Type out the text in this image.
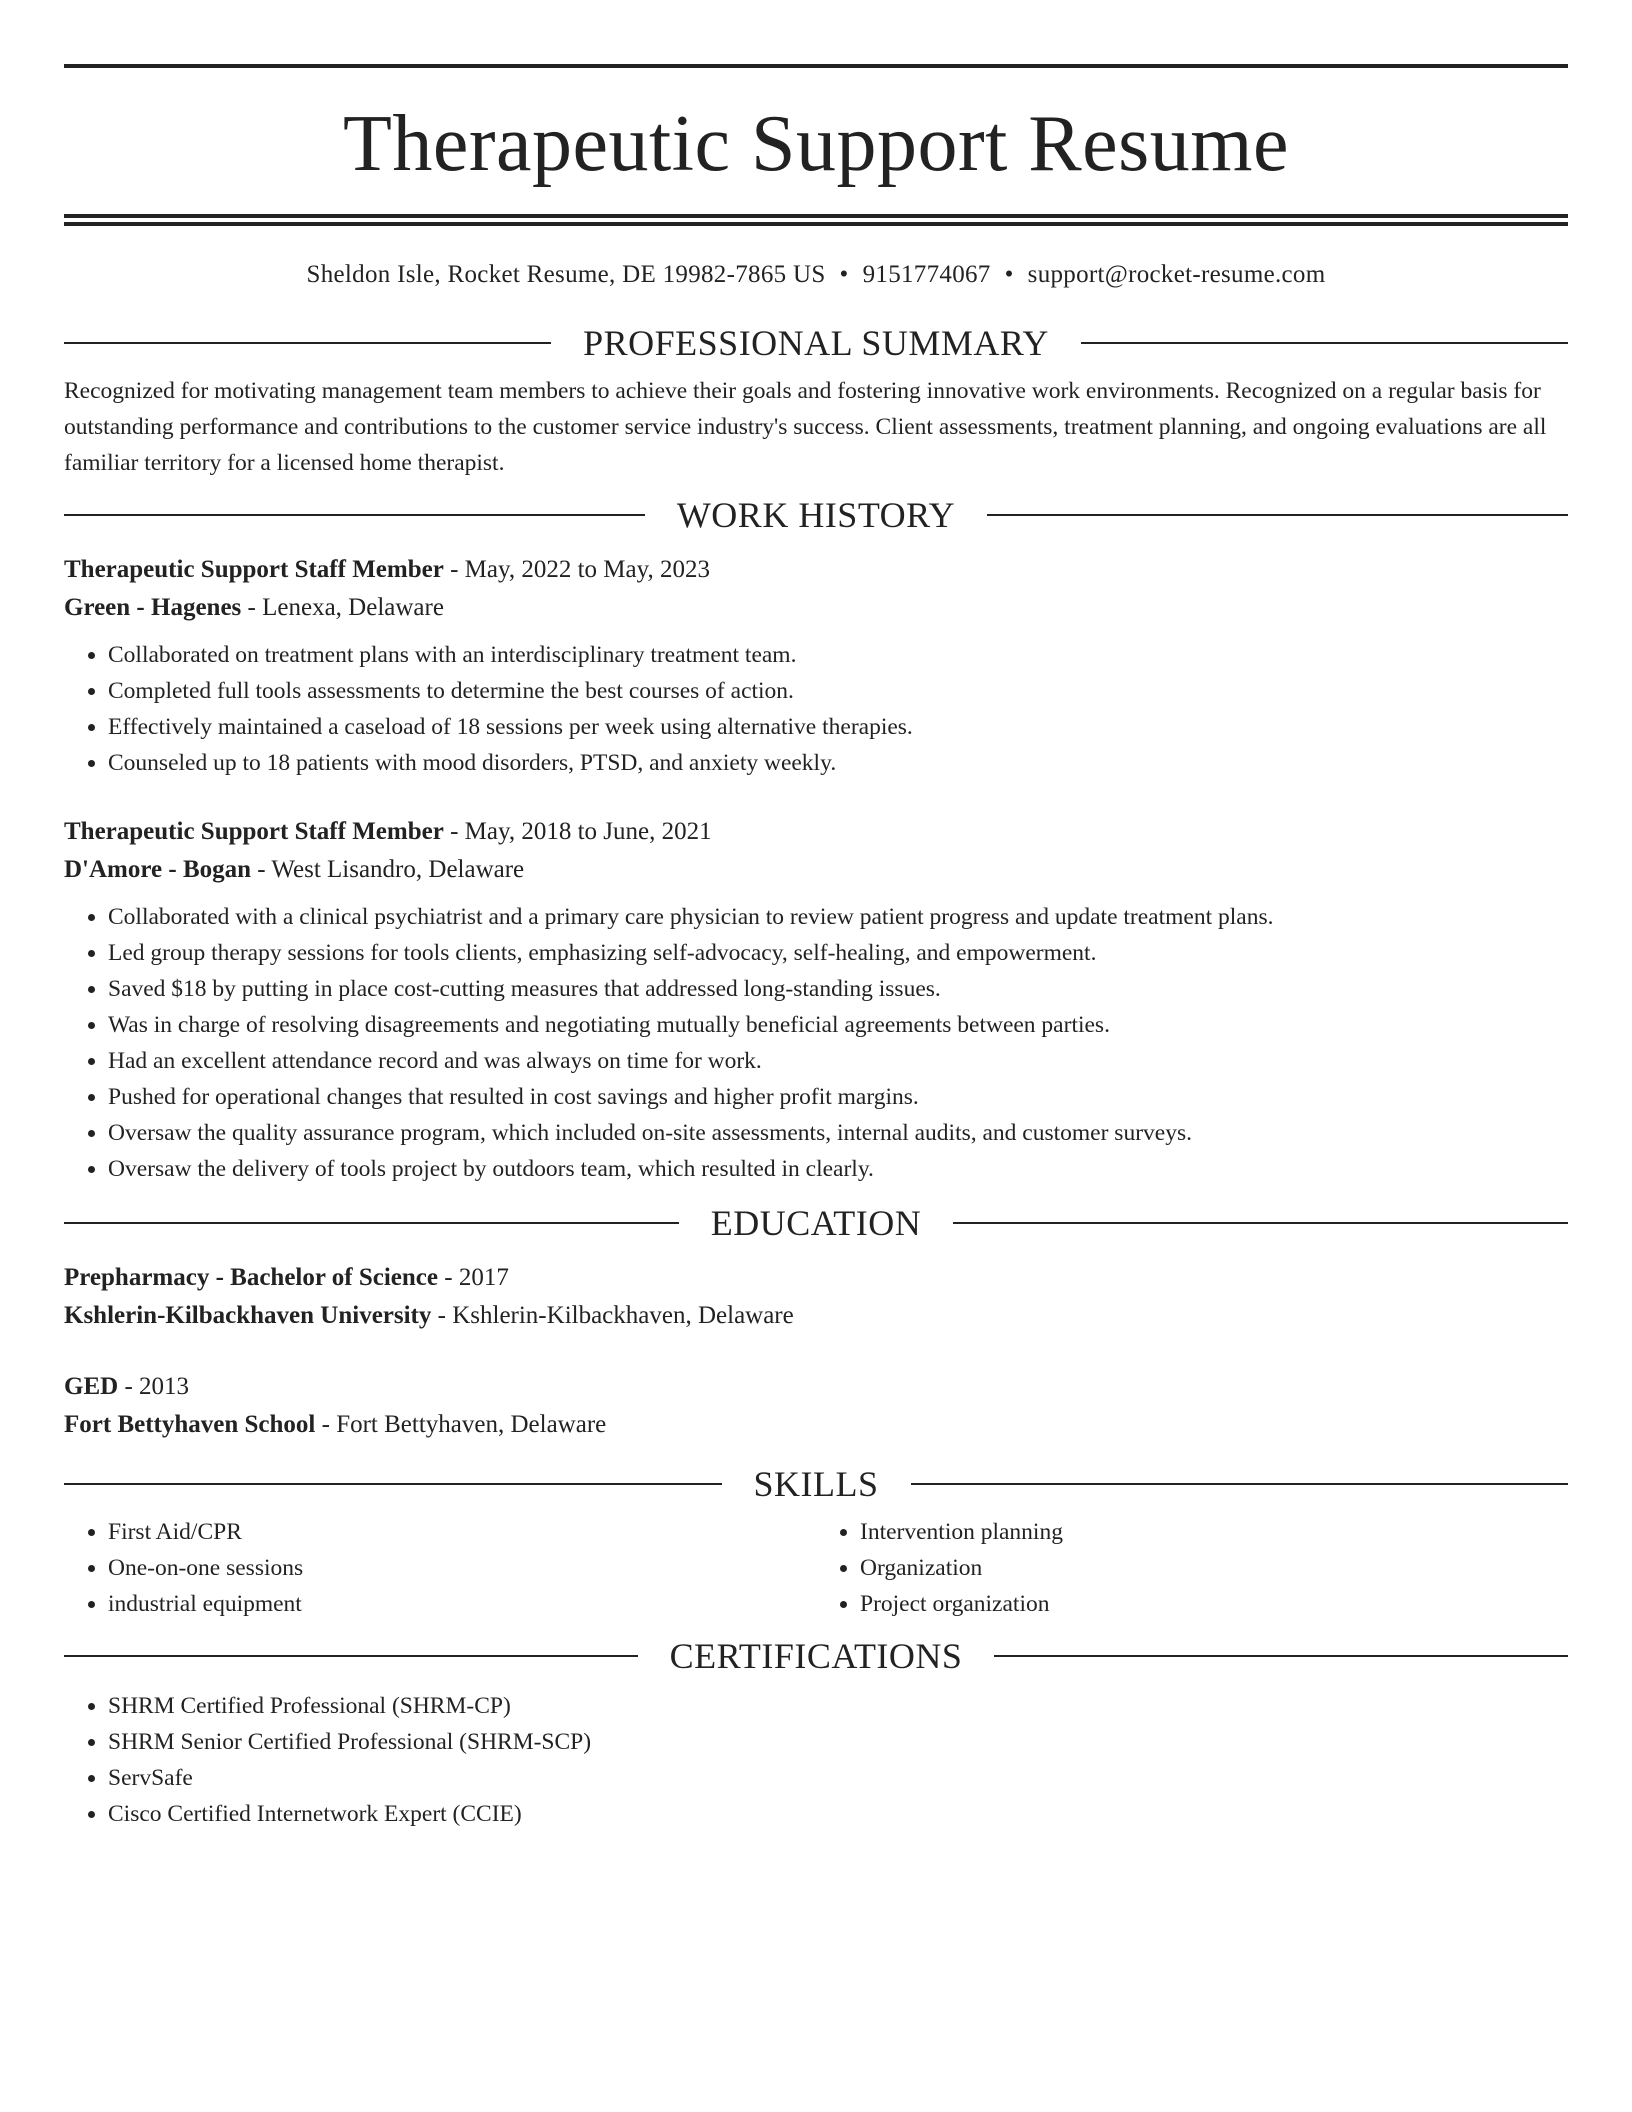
Therapeutic Support Resume
Sheldon Isle, Rocket Resume, DE 19982-7865 US • 9151774067 • support@rocket-resume.com
PROFESSIONAL SUMMARY

Recognized for motivating management team members to achieve their goals and fostering innovative work environments. Recognized on a regular basis for outstanding performance and contributions to the customer service industry's success. Client assessments, treatment planning, and ongoing evaluations are all familiar territory for a licensed home therapist.

WORK HISTORY
Therapeutic Support Staff Member - May, 2022 to May, 2023
Green - Hagenes - Lenexa, Delaware
• Collaborated on treatment plans with an interdisciplinary treatment team.
• Completed full tools assessments to determine the best courses of action.
• Effectively maintained a caseload of 18 sessions per week using alternative therapies.
• Counseled up to 18 patients with mood disorders, PTSD, and anxiety weekly.
Therapeutic Support Staff Member - May, 2018 to June, 2021
D'Amore - Bogan - West Lisandro, Delaware
• Collaborated with a clinical psychiatrist and a primary care physician to review patient progress and update treatment plans.
• Led group therapy sessions for tools clients, emphasizing self-advocacy, self-healing, and empowerment.
• Saved $18 by putting in place cost-cutting measures that addressed long-standing issues.
• Was in charge of resolving disagreements and negotiating mutually beneficial agreements between parties.
• Had an excellent attendance record and was always on time for work.
• Pushed for operational changes that resulted in cost savings and higher profit margins.
• Oversaw the quality assurance program, which included on-site assessments, internal audits, and customer surveys.
• Oversaw the delivery of tools project by outdoors team, which resulted in clearly.
EDUCATION
Prepharmacy - Bachelor of Science - 2017
Kshlerin-Kilbackhaven University - Kshlerin-Kilbackhaven, Delaware
GED - 2013
Fort Bettyhaven School - Fort Bettyhaven, Delaware
SKILLS
• First Aid/CPR
• One-on-one sessions
• industrial equipment
• Intervention planning
• Organization
• Project organization
CERTIFICATIONS
• SHRM Certified Professional (SHRM-CP)
• SHRM Senior Certified Professional (SHRM-SCP)
• ServSafe
• Cisco Certified Internetwork Expert (CCIE)
